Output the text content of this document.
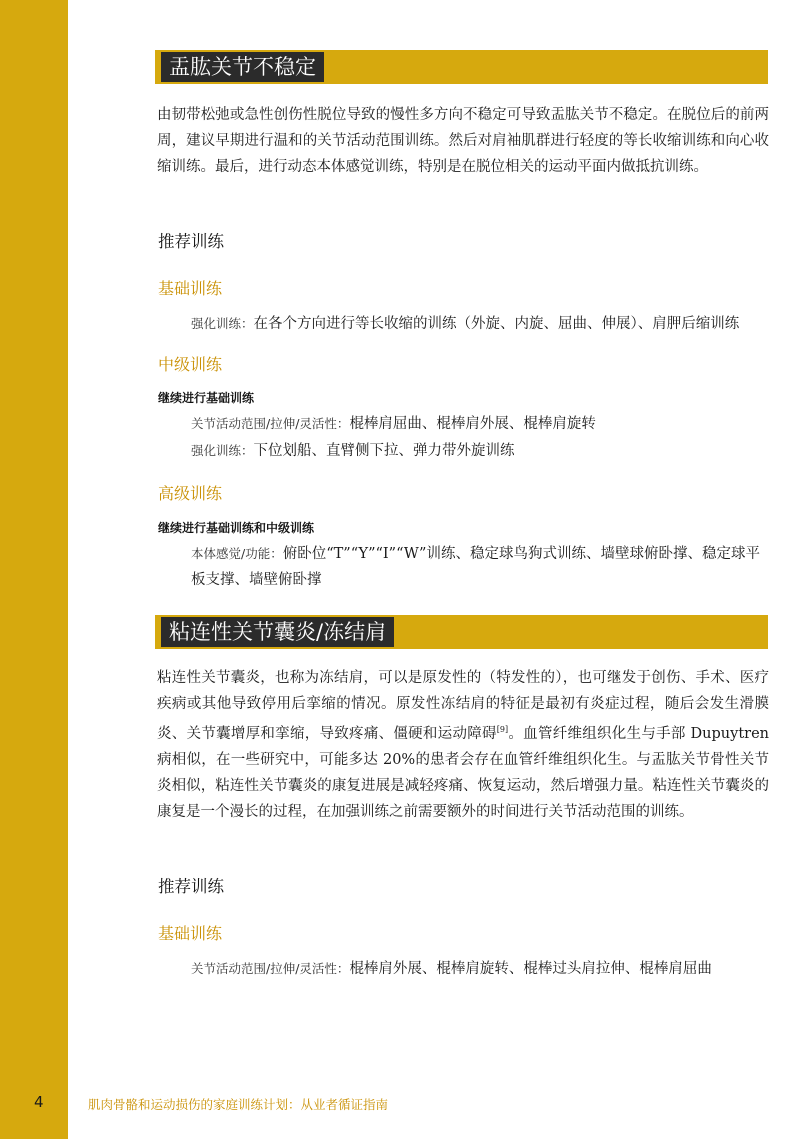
盂肱关节不稳定

由韧带松弛或急性创伤性脱位导致的慢性多方向不稳定可导致盂肱关节不稳定。在脱位后的前两周，建议早期进行温和的关节活动范围训练。然后对肩袖肌群进行轻度的等长收缩训练和向心收缩训练。最后，进行动态本体感觉训练，特别是在脱位相关的运动平面内做抵抗训练。

推荐训练
基础训练

强化训练：在各个方向进行等长收缩的训练（外旋、内旋、屈曲、伸展）、肩胛后缩训练

中级训练
继续进行基础训练

关节活动范围/拉伸/灵活性：棍棒肩屈曲、棍棒肩外展、棍棒肩旋转

强化训练：下位划船、直臂侧下拉、弹力带外旋训练

高级训练
继续进行基础训练和中级训练

本体感觉/功能：俯卧位“T”“Y”“I”“W”训练、稳定球鸟狗式训练、墙壁球俯卧撑、稳定球平板支撑、墙壁俯卧撑

粘连性关节囊炎/冻结肩

粘连性关节囊炎，也称为冻结肩，可以是原发性的（特发性的），也可继发于创伤、手术、医疗疾病或其他导致停用后挛缩的情况。原发性冻结肩的特征是最初有炎症过程，随后会发生滑膜炎、关节囊增厚和挛缩，导致疼痛、僵硬和运动障碍[9]。血管纤维组织化生与手部 Dupuytren 病相似，在一些研究中，可能多达 20%的患者会存在血管纤维组织化生。与盂肱关节骨性关节炎相似，粘连性关节囊炎的康复进展是减轻疼痛、恢复运动，然后增强力量。粘连性关节囊炎的康复是一个漫长的过程，在加强训练之前需要额外的时间进行关节活动范围的训练。

推荐训练
基础训练

关节活动范围/拉伸/灵活性：棍棒肩外展、棍棒肩旋转、棍棒过头肩拉伸、棍棒肩屈曲

4	肌肉骨骼和运动损伤的家庭训练计划：从业者循证指南
